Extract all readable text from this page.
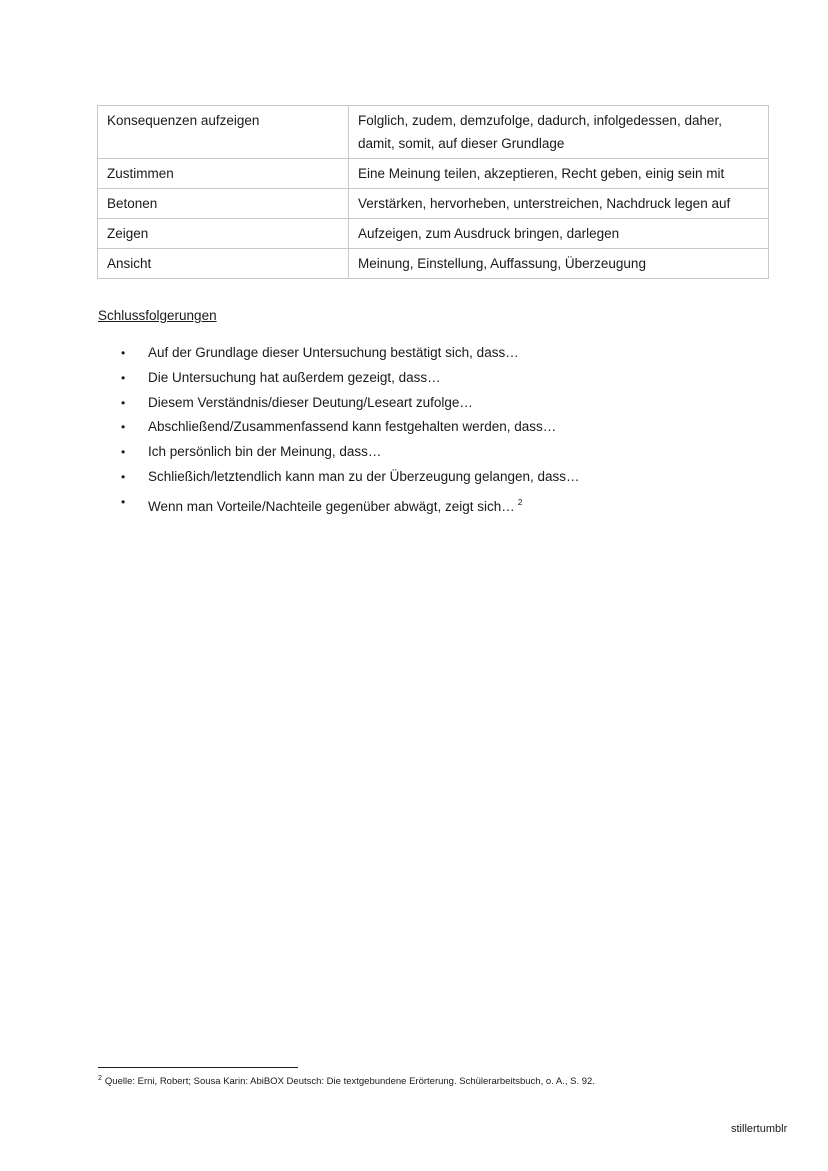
Konsequenzen aufzeigen	Folglich, zudem, demzufolge, dadurch, infolgedessen, daher, damit, somit, auf dieser Grundlage
Zustimmen	Eine Meinung teilen, akzeptieren, Recht geben, einig sein mit
Betonen	Verstärken, hervorheben, unterstreichen, Nachdruck legen auf
Zeigen	Aufzeigen, zum Ausdruck bringen, darlegen
Ansicht	Meinung, Einstellung, Auffassung, Überzeugung
Schlussfolgerungen
• Auf der Grundlage dieser Untersuchung bestätigt sich, dass…
• Die Untersuchung hat außerdem gezeigt, dass…
• Diesem Verständnis/dieser Deutung/Leseart zufolge…
• Abschließend/Zusammenfassend kann festgehalten werden, dass…
• Ich persönlich bin der Meinung, dass…
• Schließich/letztendlich kann man zu der Überzeugung gelangen, dass…
• Wenn man Vorteile/Nachteile gegenüber abwägt, zeigt sich… $^2$
$^2$ Quelle: Erni, Robert; Sousa Karin: AbiBOX Deutsch: Die textgebundene Erörterung. Schülerarbeitsbuch, o. A., S. 92.
stillertumblr
